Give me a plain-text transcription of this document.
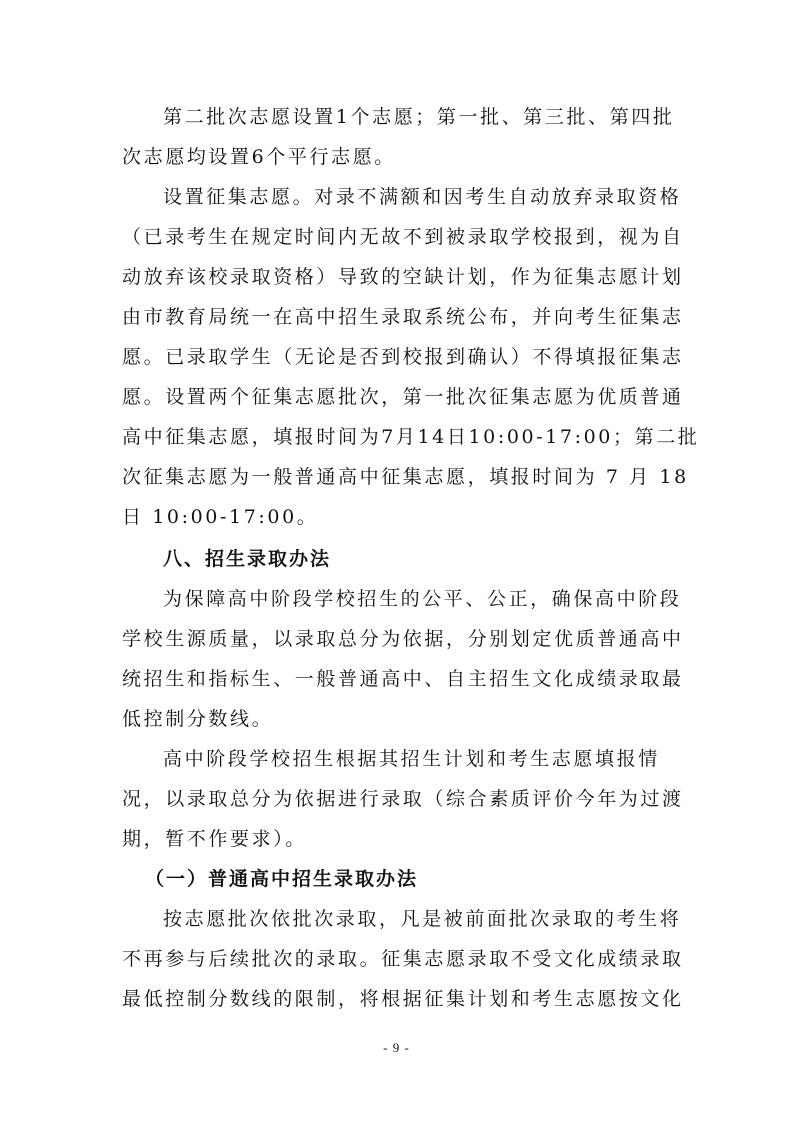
第二批次志愿设置1个志愿；第一批、第三批、第四批
次志愿均设置6个平行志愿。
设置征集志愿。对录不满额和因考生自动放弃录取资格
（已录考生在规定时间内无故不到被录取学校报到，视为自
动放弃该校录取资格）导致的空缺计划，作为征集志愿计划
由市教育局统一在高中招生录取系统公布，并向考生征集志
愿。已录取学生（无论是否到校报到确认）不得填报征集志
愿。设置两个征集志愿批次，第一批次征集志愿为优质普通
高中征集志愿，填报时间为7月14日10:00-17:00；第二批
次征集志愿为一般普通高中征集志愿，填报时间为 7 月 18
日 10:00-17:00。
八、招生录取办法
为保障高中阶段学校招生的公平、公正，确保高中阶段
学校生源质量，以录取总分为依据，分别划定优质普通高中
统招生和指标生、一般普通高中、自主招生文化成绩录取最
低控制分数线。
高中阶段学校招生根据其招生计划和考生志愿填报情
况，以录取总分为依据进行录取（综合素质评价今年为过渡
期，暂不作要求）。
（一）普通高中招生录取办法
按志愿批次依批次录取，凡是被前面批次录取的考生将
不再参与后续批次的录取。征集志愿录取不受文化成绩录取
最低控制分数线的限制，将根据征集计划和考生志愿按文化
- 9 -
